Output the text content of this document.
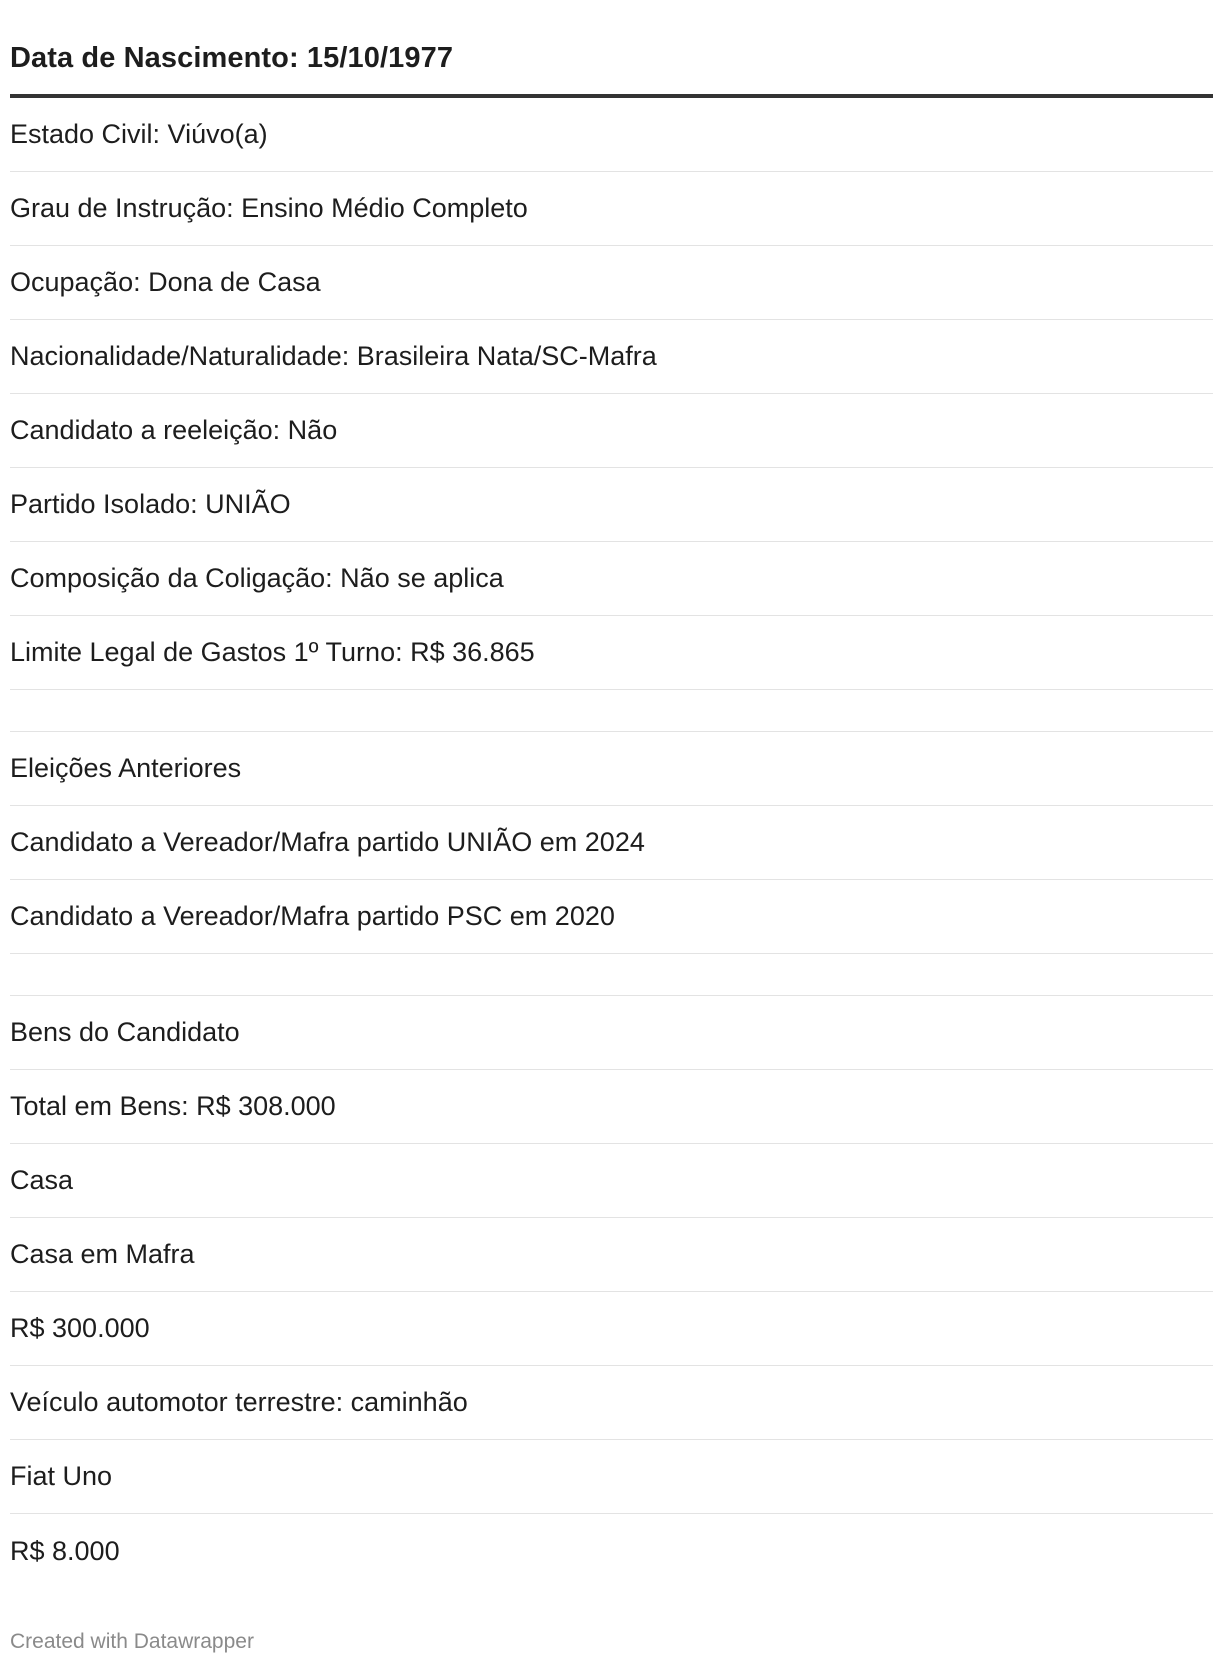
Data de Nascimento: 15/10/1977
Estado Civil: Viúvo(a)
Grau de Instrução: Ensino Médio Completo
Ocupação: Dona de Casa
Nacionalidade/Naturalidade: Brasileira Nata/SC-Mafra
Candidato a reeleição: Não
Partido Isolado: UNIÃO
Composição da Coligação: Não se aplica
Limite Legal de Gastos 1º Turno: R$ 36.865
Eleições Anteriores
Candidato a Vereador/Mafra partido UNIÃO em 2024
Candidato a Vereador/Mafra partido PSC em 2020
Bens do Candidato
Total em Bens: R$ 308.000
Casa
Casa em Mafra
R$ 300.000
Veículo automotor terrestre: caminhão
Fiat Uno
R$ 8.000
Created with Datawrapper
